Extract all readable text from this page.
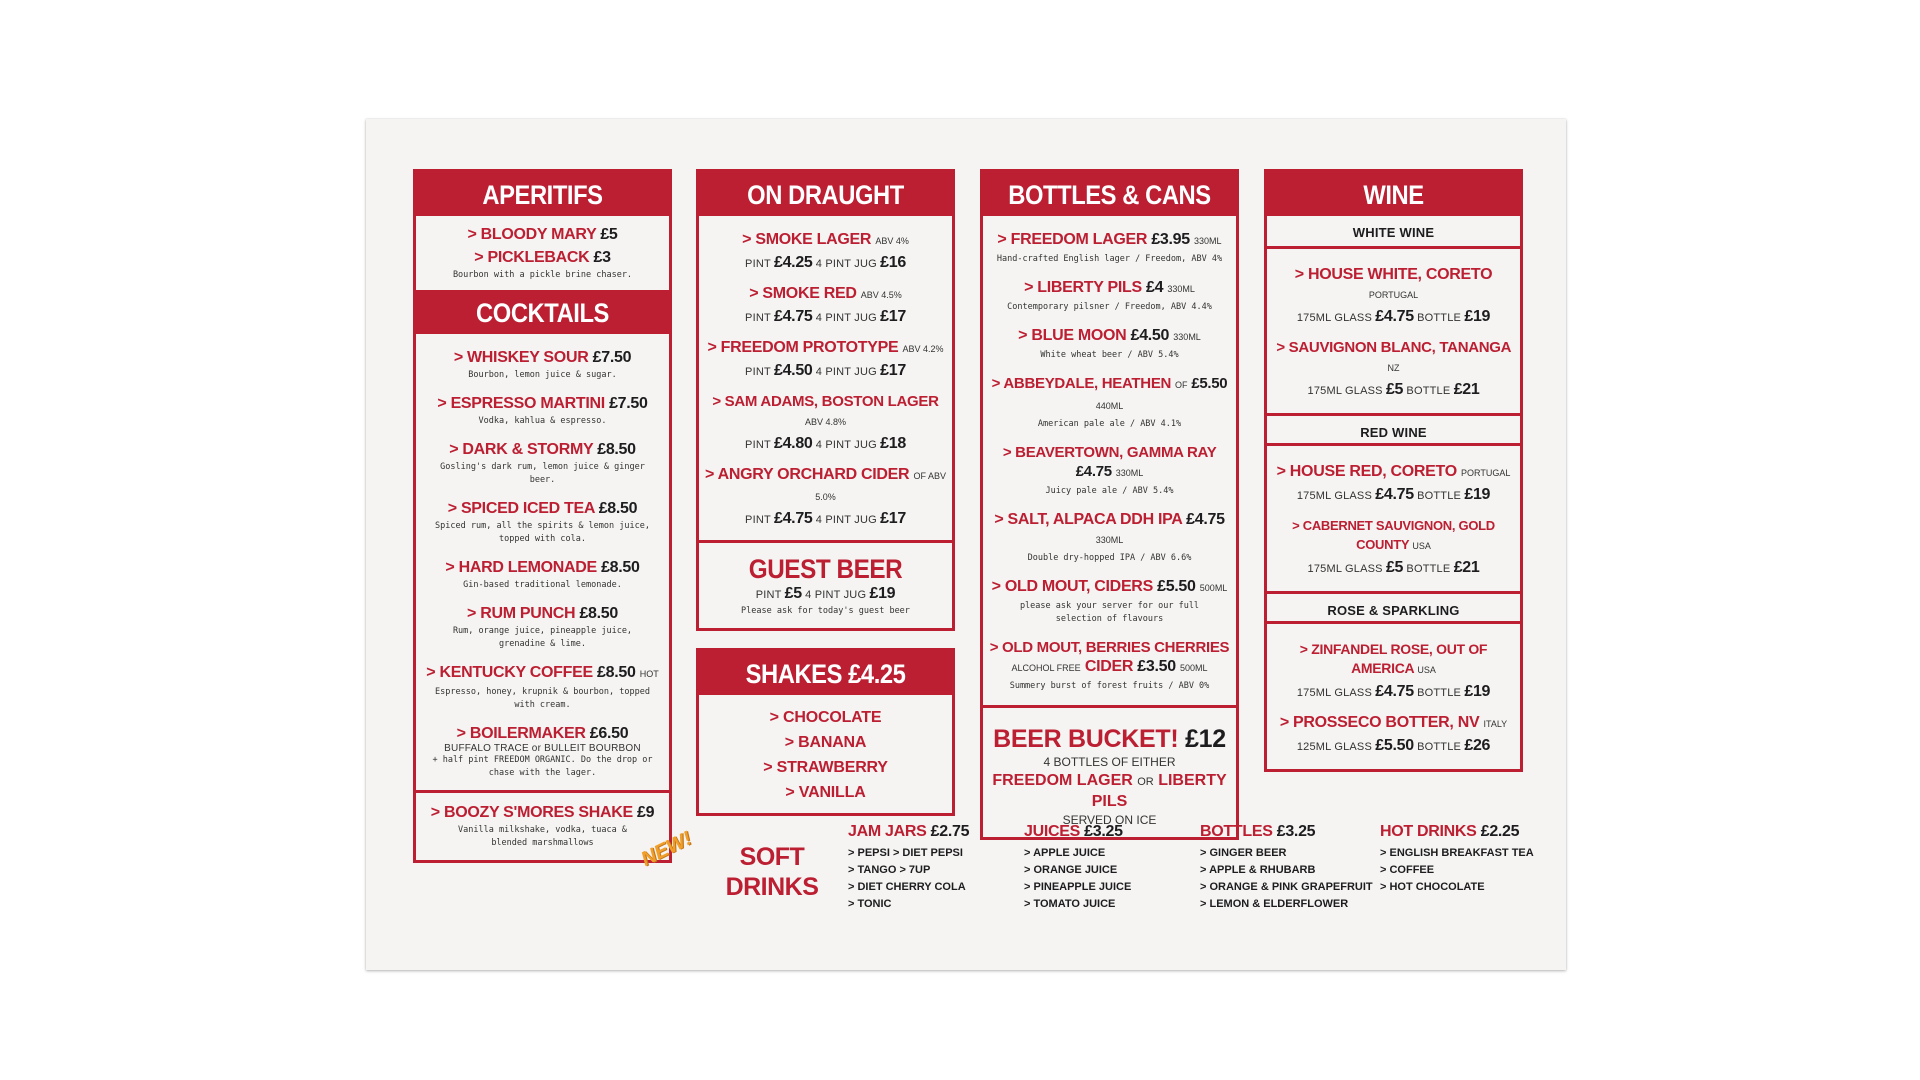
APERITIFS
> BLOODY MARY £5
> PICKLEBACK £3
Bourbon with a pickle brine chaser.
COCKTAILS
> WHISKEY SOUR £7.50
Bourbon, lemon juice & sugar.
> ESPRESSO MARTINI £7.50
Vodka, kahlua & espresso.
> DARK & STORMY £8.50
Gosling's dark rum, lemon juice & ginger beer.
> SPICED ICED TEA £8.50
Spiced rum, all the spirits & lemon juice, topped with cola.
> HARD LEMONADE £8.50
Gin-based traditional lemonade.
> RUM PUNCH £8.50
Rum, orange juice, pineapple juice, grenadine & lime.
> KENTUCKY COFFEE £8.50 HOT
Espresso, honey, krupnik & bourbon, topped with cream.
> BOILERMAKER £6.50
BUFFALO TRACE or BULLEIT BOURBON
+ half pint FREEDOM ORGANIC. Do the drop or chase with the lager.
> BOOZY S'MORES SHAKE £9
Vanilla milkshake, vodka, tuaca & blended marshmallows	NEW!
ON DRAUGHT
> SMOKE LAGER ABV 4%
PINT £4.25 4 PINT JUG £16
> SMOKE RED ABV 4.5%
PINT £4.75 4 PINT JUG £17
> FREEDOM PROTOTYPE ABV 4.2%
PINT £4.50 4 PINT JUG £17
> SAM ADAMS, BOSTON LAGER ABV 4.8%
PINT £4.80 4 PINT JUG £18
> ANGRY ORCHARD CIDER OF ABV 5.0%
PINT £4.75 4 PINT JUG £17
GUEST BEER
PINT £5 4 PINT JUG £19
Please ask for today's guest beer
SHAKES £4.25
> CHOCOLATE
> BANANA
> STRAWBERRY
> VANILLA
BOTTLES & CANS
> FREEDOM LAGER £3.95 330ML
Hand-crafted English lager / Freedom, ABV 4%
> LIBERTY PILS £4 330ML
Contemporary pilsner / Freedom, ABV 4.4%
> BLUE MOON £4.50 330ML
White wheat beer / ABV 5.4%
> ABBEYDALE, HEATHEN OF £5.50 440ML
American pale ale / ABV 4.1%
> BEAVERTOWN, GAMMA RAY £4.75 330ML
Juicy pale ale / ABV 5.4%
> SALT, ALPACA DDH IPA £4.75 330ML
Double dry-hopped IPA / ABV 6.6%
> OLD MOUT, CIDERS £5.50 500ML
please ask your server for our full selection of flavours
> OLD MOUT, BERRIES CHERRIES
ALCOHOL FREE CIDER £3.50 500ML
Summery burst of forest fruits / ABV 0%
BEER BUCKET! £12
4 BOTTLES OF EITHER
FREEDOM LAGER OR LIBERTY PILS
SERVED ON ICE
WINE
WHITE WINE
> HOUSE WHITE, CORETO PORTUGAL
175ML GLASS £4.75 BOTTLE £19
> SAUVIGNON BLANC, TANANGA NZ
175ML GLASS £5 BOTTLE £21
RED WINE
> HOUSE RED, CORETO PORTUGAL
175ML GLASS £4.75 BOTTLE £19
> CABERNET SAUVIGNON, GOLD COUNTY USA
175ML GLASS £5 BOTTLE £21
ROSE & SPARKLING
> ZINFANDEL ROSE, OUT OF AMERICA USA
175ML GLASS £4.75 BOTTLE £19
> PROSSECO BOTTER, NV ITALY
125ML GLASS £5.50 BOTTLE £26
SOFT
DRINKS
JAM JARS £2.75
> PEPSI > DIET PEPSI
> TANGO > 7UP
> DIET CHERRY COLA
> TONIC
JUICES £3.25
> APPLE JUICE
> ORANGE JUICE
> PINEAPPLE JUICE
> TOMATO JUICE
BOTTLES £3.25
> GINGER BEER
> APPLE & RHUBARB
> ORANGE & PINK GRAPEFRUIT
> LEMON & ELDERFLOWER
HOT DRINKS £2.25
> ENGLISH BREAKFAST TEA
> COFFEE
> HOT CHOCOLATE
